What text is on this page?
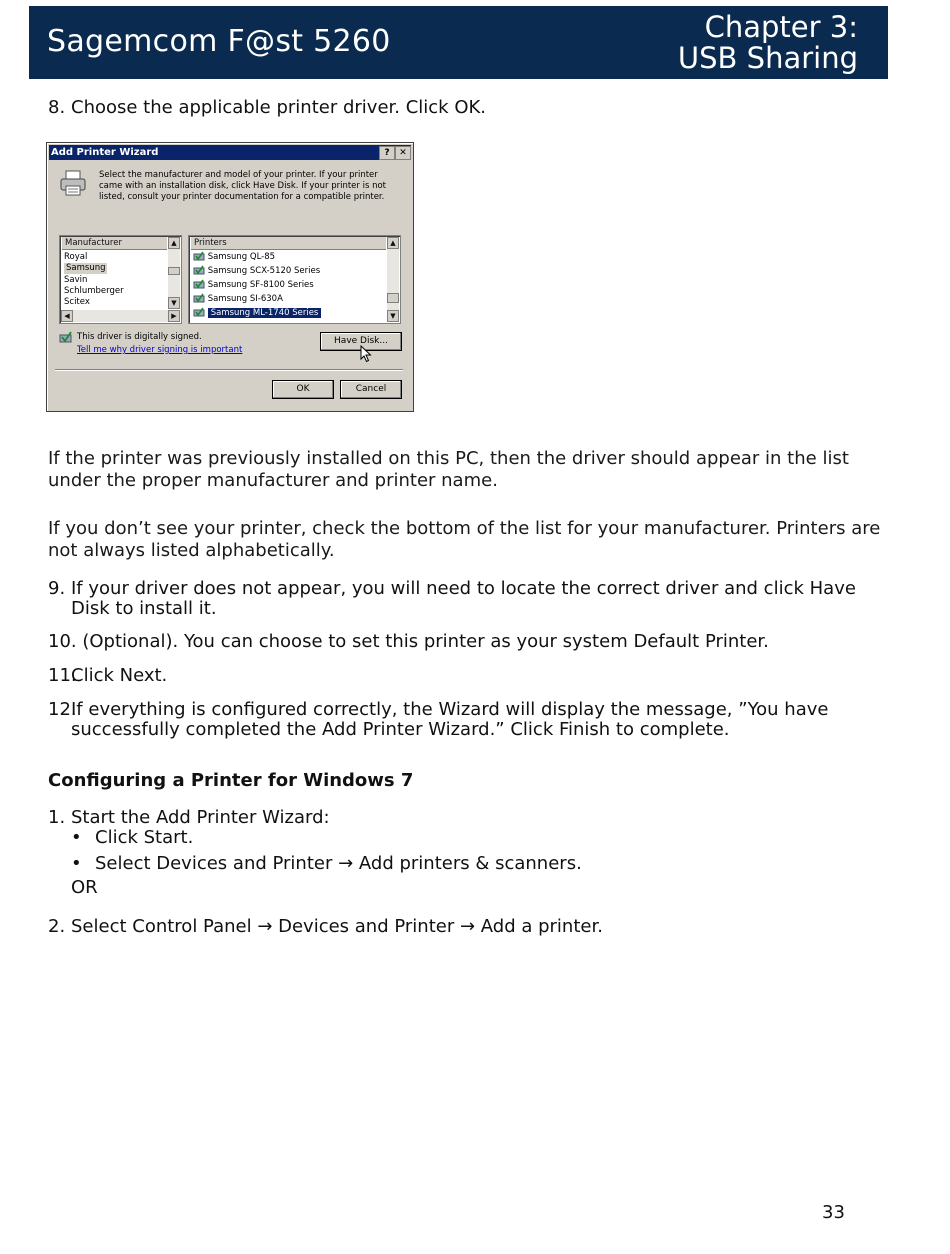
Sagemcom F@st 5260	Chapter 3:
USB Sharing
8. Choose the applicable printer driver. Click OK.
Add Printer Wizard	?	✕
Select the manufacturer and model of your printer. If your printer came with an installation disk, click Have Disk. If your printer is not listed, consult your printer documentation for a compatible printer.
Manufacturer
Royal
Samsung
Savin
Schlumberger
Scitex
▲
▼
◀	▶
Printers
Samsung QL-85
Samsung SCX-5120 Series
Samsung SF-8100 Series
Samsung SI-630A
Samsung ML-1740 Series
▲
▼
This driver is digitally signed.
Tell me why driver signing is important
Have Disk...
OK	Cancel
If the printer was previously installed on this PC, then the driver should appear in the list under the proper manufacturer and printer name.
If you don’t see your printer, check the bottom of the list for your manufacturer. Printers are not always listed alphabetically.
9. If your driver does not appear, you will need to locate the correct driver and click Have Disk to install it.
10. (Optional). You can choose to set this printer as your system Default Printer.
11.
Click Next.
12.
If everything is configured correctly, the Wizard will display the message, ”You have successfully completed the Add Printer Wizard.” Click Finish to complete.
Configuring a Printer for Windows 7
1. Start the Add Printer Wizard:
• Click Start.
• Select Devices and Printer → Add printers & scanners.
OR
2. Select Control Panel → Devices and Printer → Add a printer.
33
